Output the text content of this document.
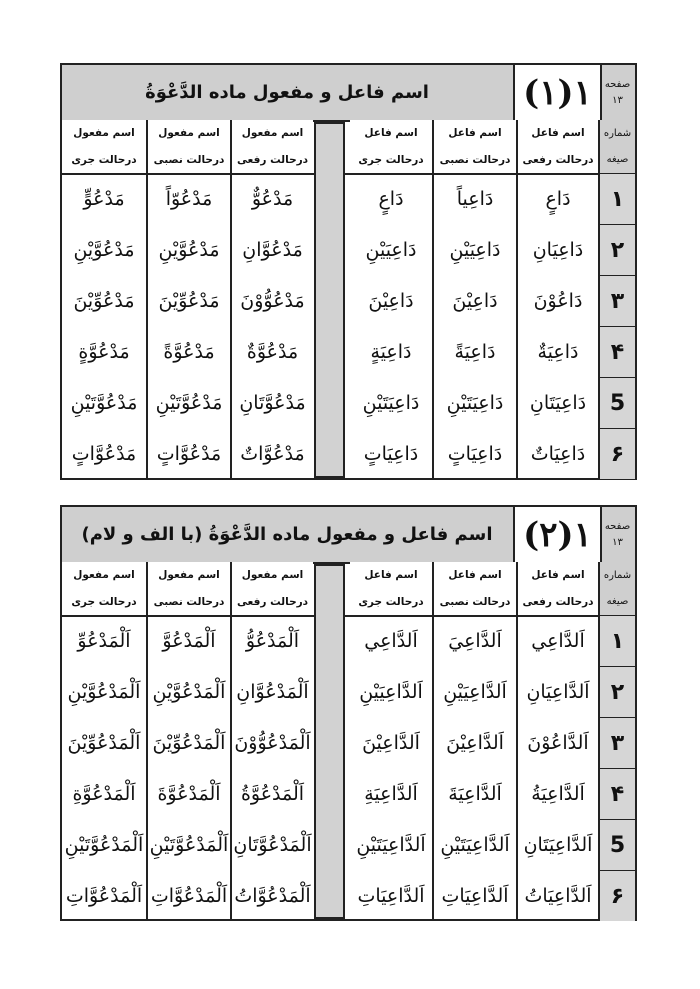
اسم فاعل و مفعول ماده الدَّعْوَةُ	(١)١	صفحه
١٣
اسم مفعول
درحالت جری
اسم مفعول
درحالت نصبی
اسم مفعول
درحالت رفعی
اسم فاعل
درحالت جری
اسم فاعل
درحالت نصبی
اسم فاعل
درحالت رفعی
شماره
صیغه
مَدْعُوٍّ	مَدْعُوّاً	مَدْعُوٌّ	دَاعٍ	دَاعِياً	دَاعٍ	١
مَدْعُوَّيْنِ	مَدْعُوَّيْنِ	مَدْعُوَّانِ	دَاعِيَيْنِ	دَاعِيَيْنِ	دَاعِيَانِ	٢
مَدْعُوِّيْنَ	مَدْعُوِّيْنَ	مَدْعُوُّوْنَ	دَاعِيْنَ	دَاعِيْنَ	دَاعُوْنَ	٣
مَدْعُوَّةٍ	مَدْعُوَّةً	مَدْعُوَّةٌ	دَاعِيَةٍ	دَاعِيَةً	دَاعِيَةٌ	۴
مَدْعُوَّتَيْنِ مَدْعُوَّتَيْنِ مَدْعُوَّتَانِ	دَاعِيَتَيْنِ	دَاعِيَتَيْنِ	دَاعِيَتَانِ	5
مَدْعُوَّاتٍ	مَدْعُوَّاتٍ	مَدْعُوَّاتٌ	دَاعِيَاتٍ	دَاعِيَاتٍ	دَاعِيَاتٌ	۶
اسم فاعل و مفعول ماده الدَّعْوَةُ (با الف و لام) (٢)١	صفحه
١٣
اسم مفعول
درحالت جری
اسم مفعول
درحالت نصبی
اسم مفعول
درحالت رفعی
اسم فاعل
درحالت جری
اسم فاعل
درحالت نصبی
اسم فاعل
درحالت رفعی
شماره
صیغه
اَلْمَدْعُوِّ	اَلْمَدْعُوَّ	اَلْمَدْعُوُّ	اَلدَّاعِي	اَلدَّاعِيَ	اَلدَّاعِي	١
اَلْمَدْعُوَّيْنِ اَلْمَدْعُوَّيْنِ اَلْمَدْعُوَّانِ	اَلدَّاعِيَيْنِ	اَلدَّاعِيَيْنِ	اَلدَّاعِيَانِ ٢
اَلْمَدْعُوِّيْنَ اَلْمَدْعُوِّيْنَ اَلْمَدْعُوُّوْنَ	اَلدَّاعِيْنَ	اَلدَّاعِيْنَ	اَلدَّاعُوْنَ	٣
اَلْمَدْعُوَّةِ	اَلْمَدْعُوَّةَ	اَلْمَدْعُوَّةُ	اَلدَّاعِيَةِ	اَلدَّاعِيَةَ	اَلدَّاعِيَةُ	۴
اَلْمَدْعُوَّتَيْنِ اَلْمَدْعُوَّتَيْنِ اَلْمَدْعُوَّتَانِ	اَلدَّاعِيَتَيْنِ اَلدَّاعِيَتَيْنِ اَلدَّاعِيَتَانِ 5
اَلْمَدْعُوَّاتِ اَلْمَدْعُوَّاتِ اَلْمَدْعُوَّاتُ	اَلدَّاعِيَاتِ اَلدَّاعِيَاتِ اَلدَّاعِيَاتُ ۶
